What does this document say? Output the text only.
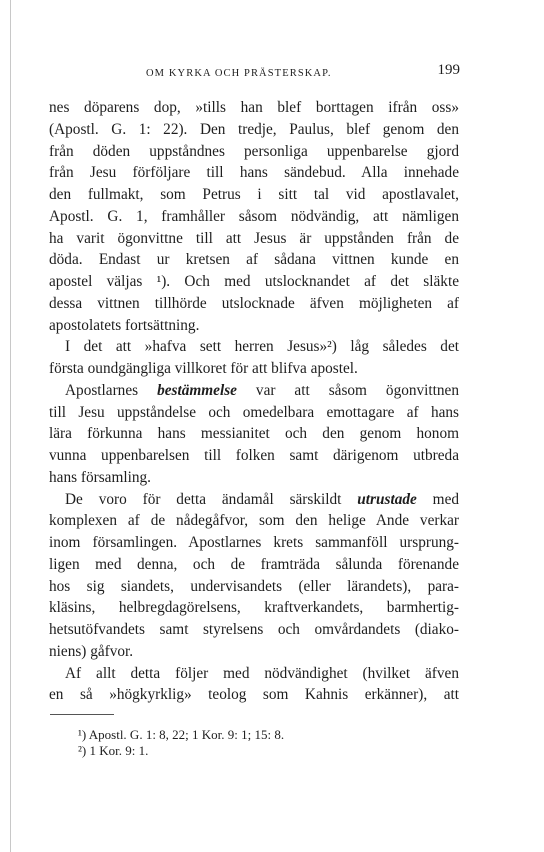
OM KYRKA OCH PRÄSTERSKAP.	199
nes döparens dop, »tills han blef borttagen ifrån oss»
(Apostl. G. 1: 22). Den tredje, Paulus, blef genom den
från döden uppståndnes personliga uppenbarelse gjord
från Jesu förföljare till hans sändebud. Alla innehade
den fullmakt, som Petrus i sitt tal vid apostlavalet,
Apostl. G. 1, framhåller såsom nödvändig, att nämligen
ha varit ögonvittne till att Jesus är uppstånden från de
döda. Endast ur kretsen af sådana vittnen kunde en
apostel väljas ¹). Och med utslocknandet af det släkte
dessa vittnen tillhörde utslocknade äfven möjligheten af
apostolatets fortsättning.
I det att »hafva sett herren Jesus»²) låg således det
första oundgängliga villkoret för att blifva apostel.
Apostlarnes bestämmelse var att såsom ögonvittnen
till Jesu uppståndelse och omedelbara emottagare af hans
lära förkunna hans messianitet och den genom honom
vunna uppenbarelsen till folken samt därigenom utbreda
hans församling.
De voro för detta ändamål särskildt utrustade med
komplexen af de nådegåfvor, som den helige Ande verkar
inom församlingen. Apostlarnes krets sammanföll ursprung-
ligen med denna, och de framträda sålunda förenande
hos sig siandets, undervisandets (eller lärandets), para-
kläsins, helbregdagörelsens, kraftverkandets, barmhertig-
hetsutöfvandets samt styrelsens och omvårdandets (diako-
niens) gåfvor.
Af allt detta följer med nödvändighet (hvilket äfven
en så »högkyrklig» teolog som Kahnis erkänner), att
¹) Apostl. G. 1: 8, 22; 1 Kor. 9: 1; 15: 8.
²) 1 Kor. 9: 1.
